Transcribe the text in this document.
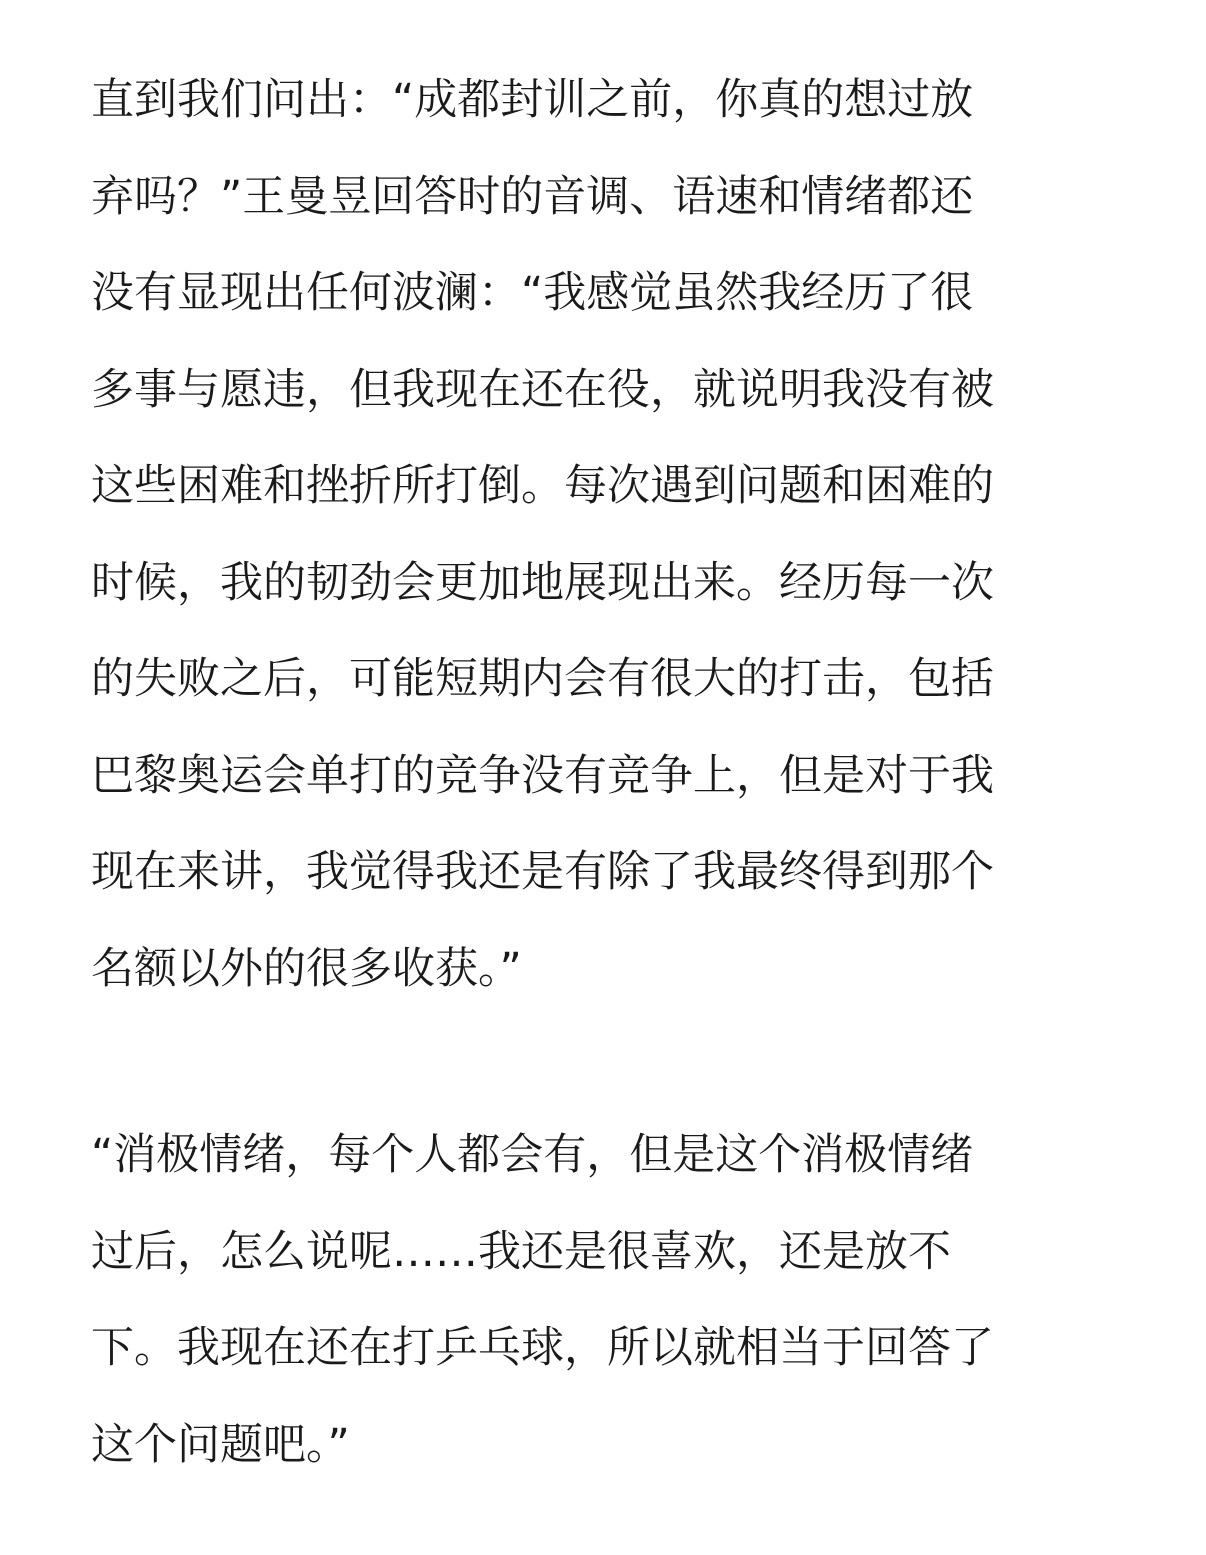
直到我们问出：“成都封训之前，你真的想过放
弃吗？”王曼昱回答时的音调、语速和情绪都还
没有显现出任何波澜：“我感觉虽然我经历了很
多事与愿违，但我现在还在役，就说明我没有被
这些困难和挫折所打倒。每次遇到问题和困难的
时候，我的韧劲会更加地展现出来。经历每一次
的失败之后，可能短期内会有很大的打击，包括
巴黎奥运会单打的竞争没有竞争上，但是对于我
现在来讲，我觉得我还是有除了我最终得到那个
名额以外的很多收获。”

“消极情绪，每个人都会有，但是这个消极情绪
过后，怎么说呢……我还是很喜欢，还是放不
下。我现在还在打乒乓球，所以就相当于回答了
这个问题吧。”
